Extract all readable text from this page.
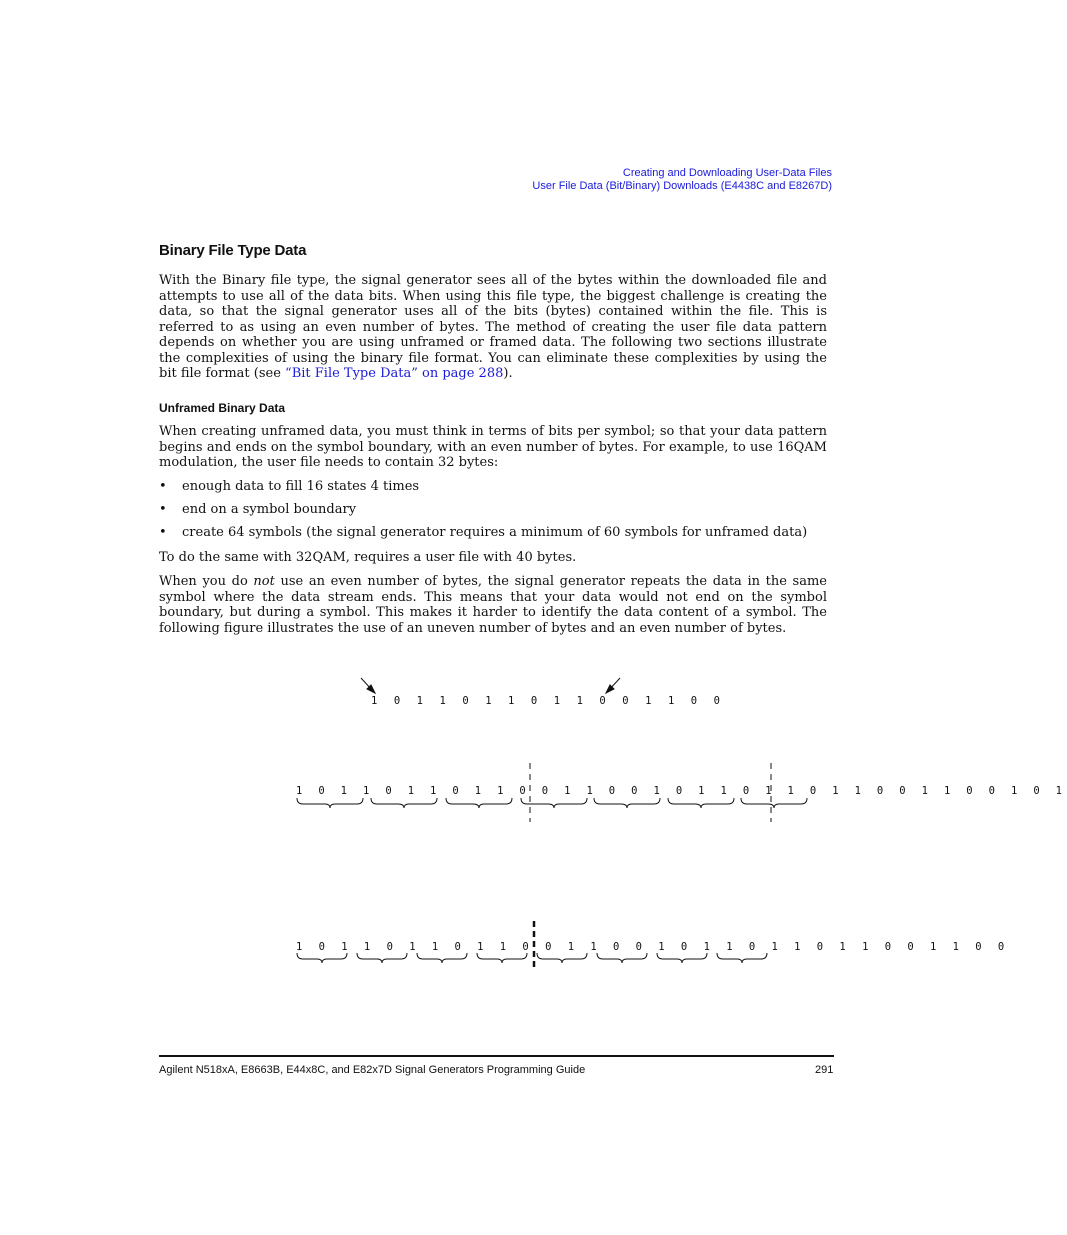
Creating and Downloading User-Data Files
User File Data (Bit/Binary) Downloads (E4438C and E8267D)
Binary File Type Data

With the Binary file type, the signal generator sees all of the bytes within the downloaded file and attempts to use all of the data bits. When using this file type, the biggest challenge is creating the data, so that the signal generator uses all of the bits (bytes) contained within the file. This is referred to as using an even number of bytes. The method of creating the user file data pattern depends on whether you are using unframed or framed data. The following two sections illustrate the complexities of using the binary file format. You can eliminate these complexities by using the bit file format (see “Bit File Type Data” on page 288).

Unframed Binary Data

When creating unframed data, you must think in terms of bits per symbol; so that your data pattern begins and ends on the symbol boundary, with an even number of bytes. For example, to use 16QAM modulation, the user file needs to contain 32 bytes:

• enough data to fill 16 states 4 times
• end on a symbol boundary
• create 64 symbols (the signal generator requires a minimum of 60 symbols for unframed data)

To do the same with 32QAM, requires a user file with 40 bytes.

When you do not use an even number of bytes, the signal generator repeats the data in the same symbol where the data stream ends. This means that your data would not end on the symbol boundary, but during a symbol. This makes it harder to identify the data content of a symbol. The following figure illustrates the use of an uneven number of bytes and an even number of bytes.

1 0 1 1 0 1 1 0 1 1 0 0 1 1 0 0
1 0 1 1 0 1 1 0 1 1 0 0 1 1 0 0 1 0 1 1 0 1 1 0 1 1 0 0 1 1 0 0 1 0 1
1 0 1 1 0 1 1 0 1 1 0 0 1 1 0 0 1 0 1 1 0 1 1 0 1 1 0 0 1 1 0 0
Agilent N518xA, E8663B, E44x8C, and E82x7D Signal Generators Programming Guide	291
